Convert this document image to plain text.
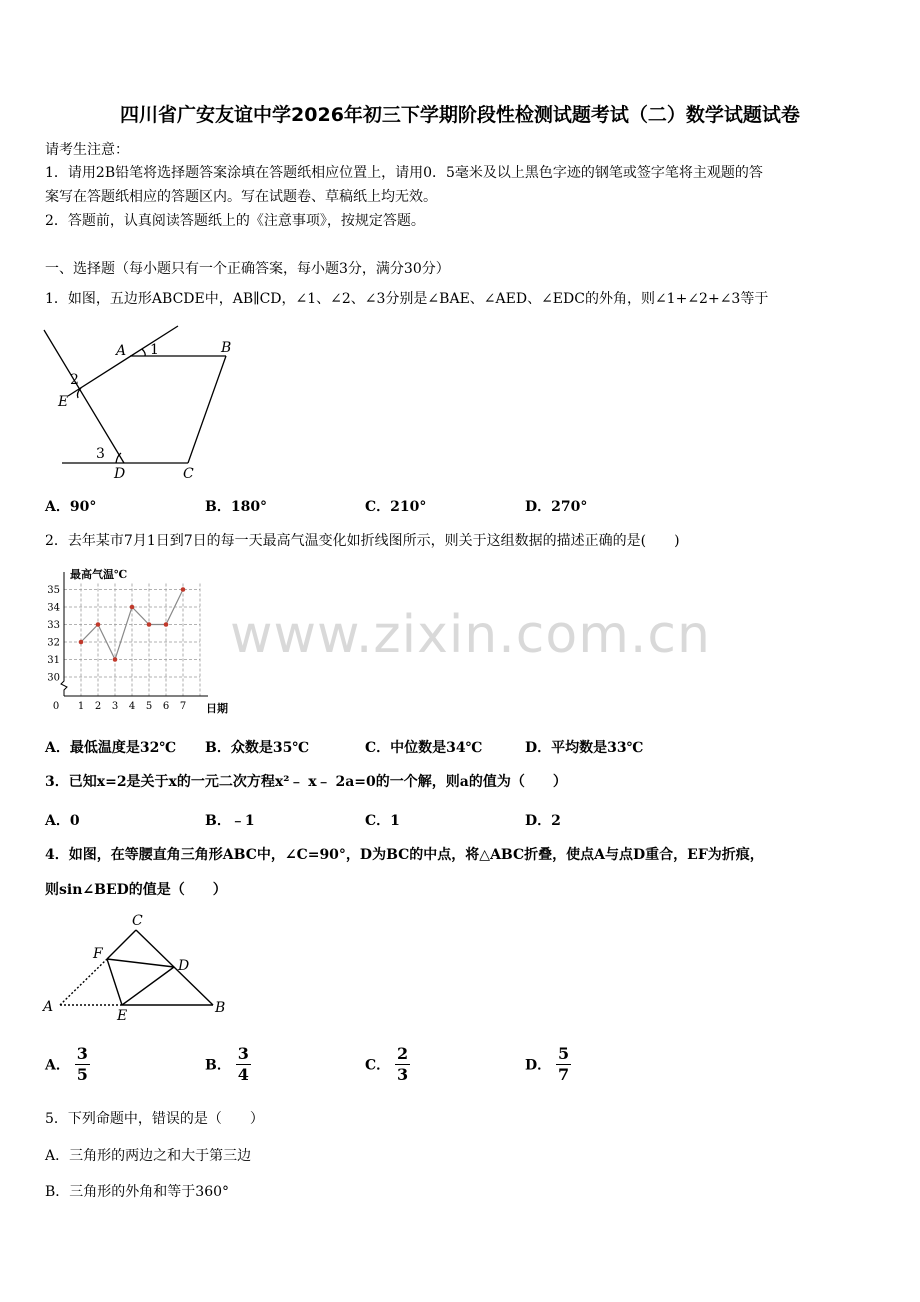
四川省广安友谊中学2026年初三下学期阶段性检测试题考试（二）数学试题试卷
请考生注意：
1．请用2B铅笔将选择题答案涂填在答题纸相应位置上，请用0．5毫米及以上黑色字迹的钢笔或签字笔将主观题的答
案写在答题纸相应的答题区内。写在试题卷、草稿纸上均无效。
2．答题前，认真阅读答题纸上的《注意事项》，按规定答题。
一、选择题（每小题只有一个正确答案，每小题3分，满分30分）
1．如图，五边形ABCDE中，AB∥CD，∠1、∠2、∠3分别是∠BAE、∠AED、∠EDC的外角，则∠1+∠2+∠3等于
A 1	B
2
E
3
D	C
A．90°	B．180°	C．210°	D．270°
2．去年某市7月1日到7日的每一天最高气温变化如折线图所示，则关于这组数据的描述正确的是(　　)
30
31
32
33
34
35
0 1 2 3 4 5 6 7
最高气温℃
日期
A．最低温度是32℃ B．众数是35℃	C．中位数是34℃	D．平均数是33℃
3．已知x=2是关于x的一元二次方程x²﹣ x﹣ 2a=0的一个解，则a的值为（　　）
A．0	B．﹣1	C．1	D．2
4．如图，在等腰直角三角形ABC中，∠C=90°，D为BC的中点，将△ABC折叠，使点A与点D重合，EF为折痕，
则sin∠BED的值是（　　）
C
F
D
A
E	B
A． $\frac{3}{5}$	B． $\frac{3}{4}$	C． $\frac{2}{3}$	D． $\frac{5}{7}$
5．下列命题中，错误的是（　　）
A．三角形的两边之和大于第三边
B．三角形的外角和等于360°
www.zixin.com.cn
